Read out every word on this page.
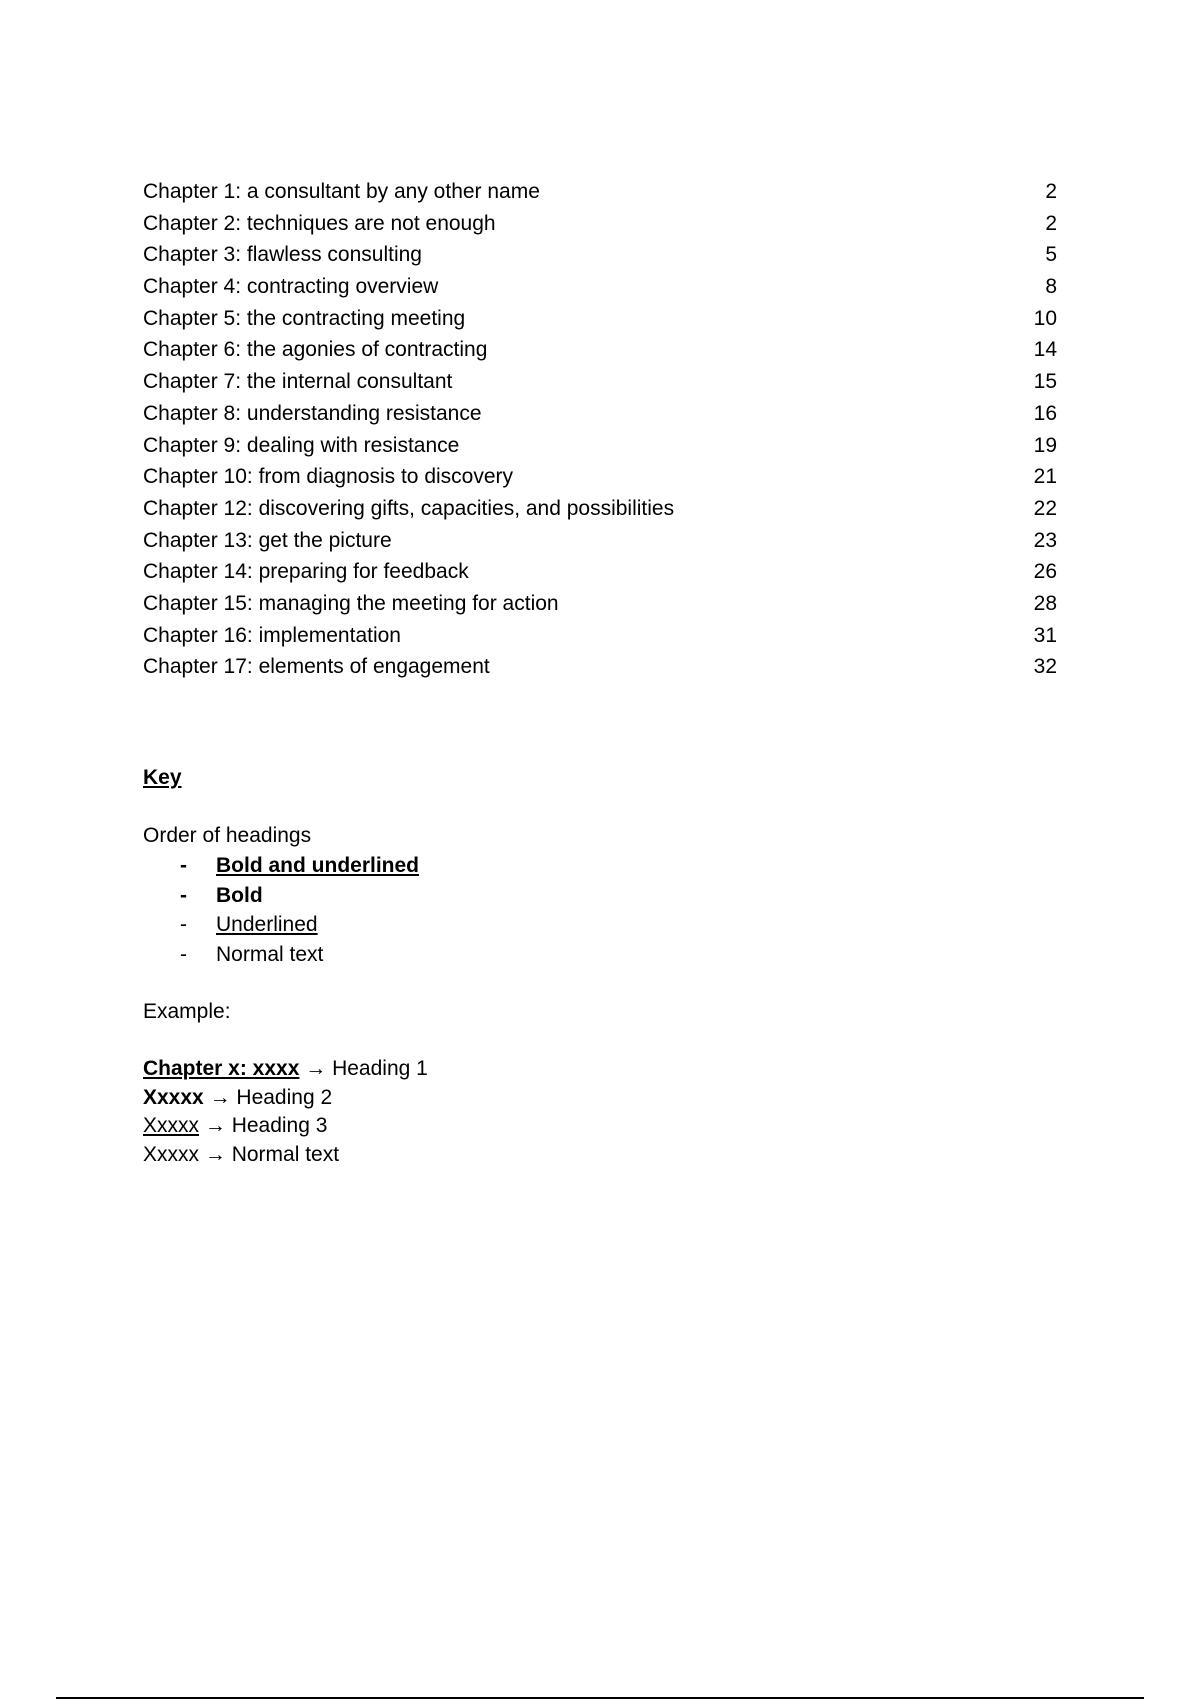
Chapter 1: a consultant by any other name	2
Chapter 2: techniques are not enough	2
Chapter 3: flawless consulting	5
Chapter 4: contracting overview	8
Chapter 5: the contracting meeting	10
Chapter 6: the agonies of contracting	14
Chapter 7: the internal consultant	15
Chapter 8: understanding resistance	16
Chapter 9: dealing with resistance	19
Chapter 10: from diagnosis to discovery	21
Chapter 12: discovering gifts, capacities, and possibilities	22
Chapter 13: get the picture	23
Chapter 14: preparing for feedback	26
Chapter 15: managing the meeting for action	28
Chapter 16: implementation	31
Chapter 17: elements of engagement	32
Key
Order of headings
-	Bold and underlined
-	Bold
-	Underlined
-	Normal text
Example:
Chapter x: xxxx → Heading 1
Xxxxx → Heading 2
Xxxxx → Heading 3
Xxxxx → Normal text
